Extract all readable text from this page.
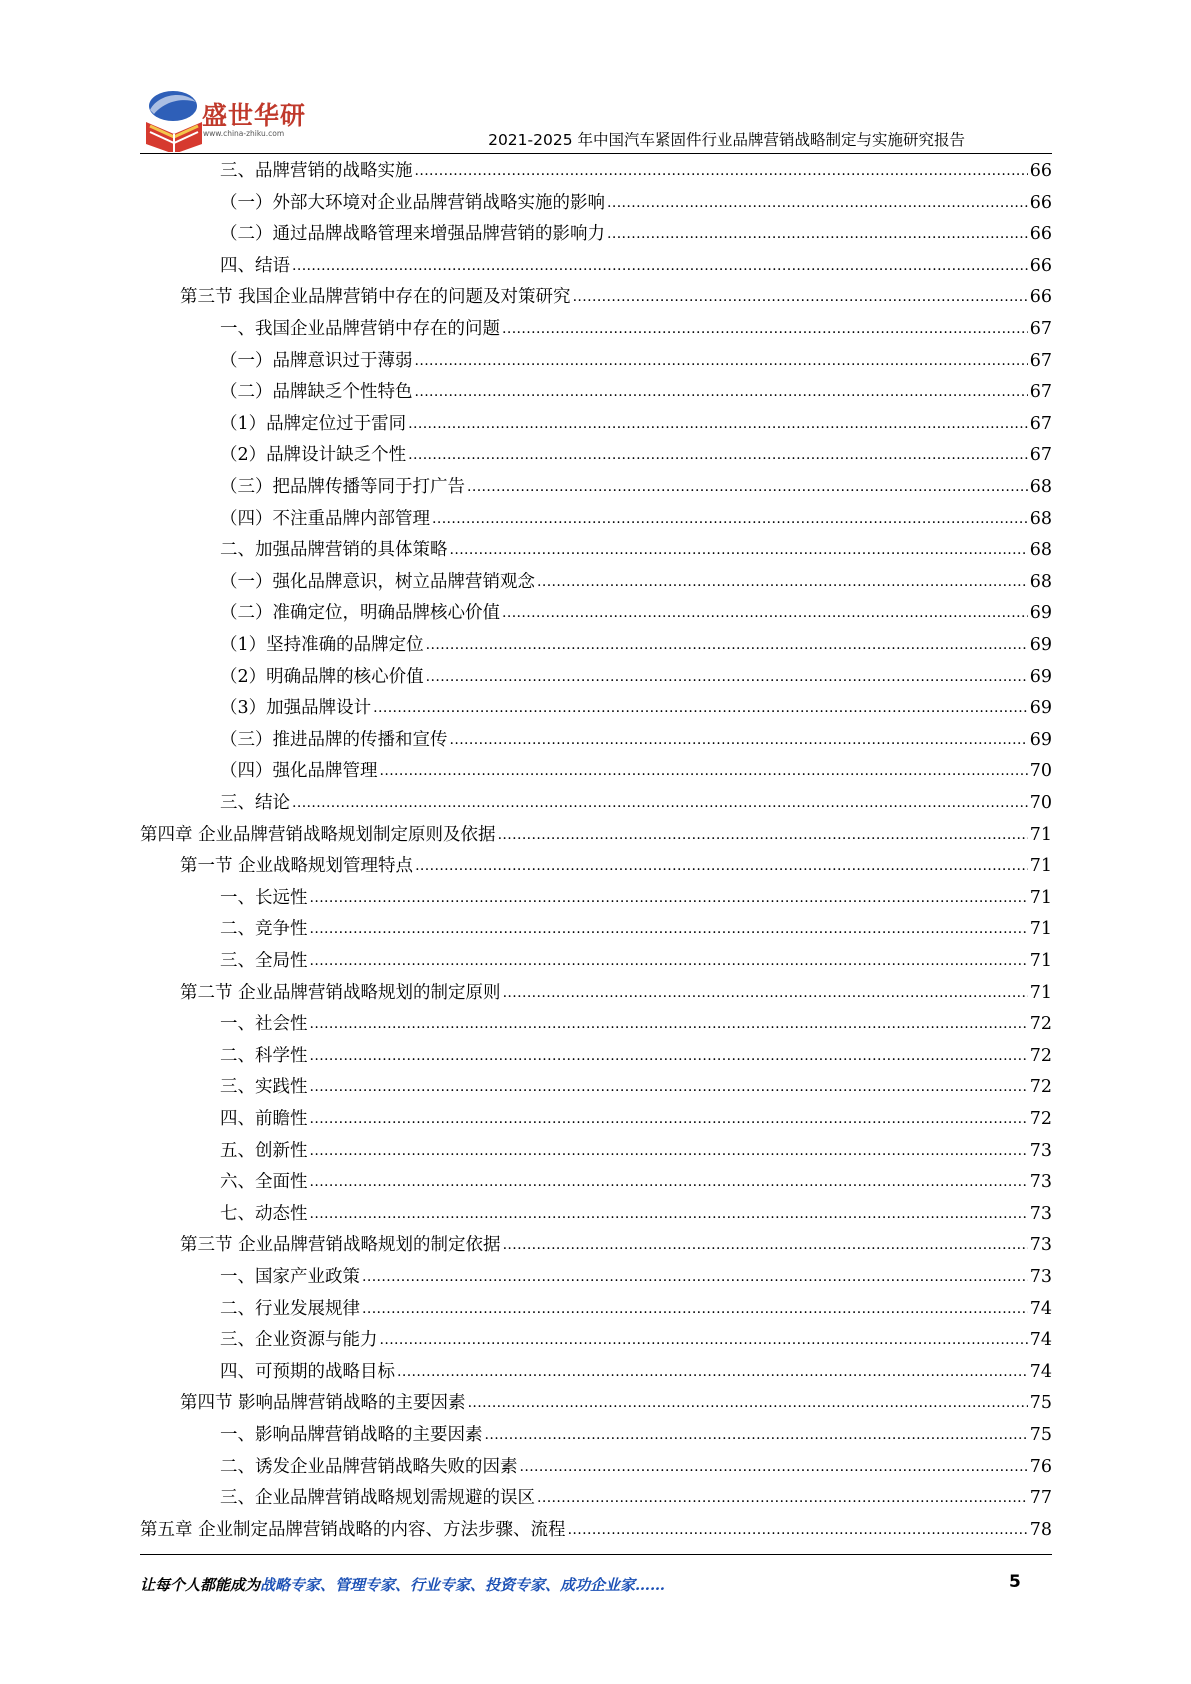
盛世华研
www.china-zhiku.com	2021-2025 年中国汽车紧固件行业品牌营销战略制定与实施研究报告
三、品牌营销的战略实施 .....	66
（一）外部大环境对企业品牌营销战略实施的影响 .....	66
（二）通过品牌战略管理来增强品牌营销的影响力 .....	66
四、结语 .....	66
第三节 我国企业品牌营销中存在的问题及对策研究 .....	66
一、我国企业品牌营销中存在的问题 .....	67
（一）品牌意识过于薄弱 .....	67
（二）品牌缺乏个性特色 .....	67
（1）品牌定位过于雷同 .....	67
（2）品牌设计缺乏个性 .....	67
（三）把品牌传播等同于打广告 .....	68
（四）不注重品牌内部管理 .....	68
二、加强品牌营销的具体策略 .....	68
（一）强化品牌意识，树立品牌营销观念 .....	68
（二）准确定位，明确品牌核心价值 .....	69
（1）坚持准确的品牌定位 .....	69
（2）明确品牌的核心价值 .....	69
（3）加强品牌设计 .....	69
（三）推进品牌的传播和宣传 .....	69
（四）强化品牌管理 .....	70
三、结论 .....	70
第四章 企业品牌营销战略规划制定原则及依据 .....	71
第一节 企业战略规划管理特点 .....	71
一、长远性 .....	71
二、竞争性 .....	71
三、全局性 .....	71
第二节 企业品牌营销战略规划的制定原则 .....	71
一、社会性 .....	72
二、科学性 .....	72
三、实践性 .....	72
四、前瞻性 .....	72
五、创新性 .....	73
六、全面性 .....	73
七、动态性 .....	73
第三节 企业品牌营销战略规划的制定依据 .....	73
一、国家产业政策 .....	73
二、行业发展规律 .....	74
三、企业资源与能力 .....	74
四、可预期的战略目标 .....	74
第四节 影响品牌营销战略的主要因素 .....	75
一、影响品牌营销战略的主要因素 .....	75
二、诱发企业品牌营销战略失败的因素 .....	76
三、企业品牌营销战略规划需规避的误区 .....	77
第五章 企业制定品牌营销战略的内容、方法步骤、流程 .....	78
让每个人都能成为战略专家、管理专家、行业专家、投资专家、成功企业家……	5
